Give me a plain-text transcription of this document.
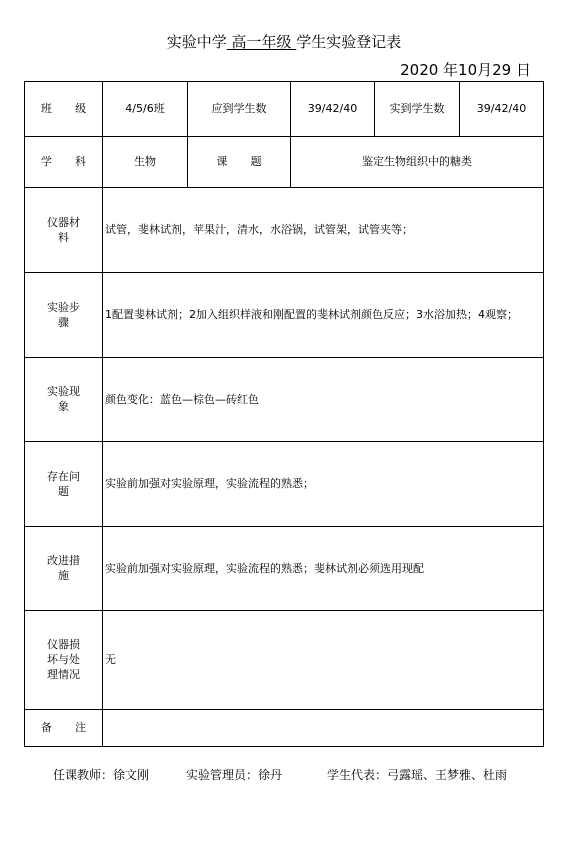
实验中学 高一年级 学生实验登记表
2020 年10月29 日
班 级	4/5/6班	应到学生数	39/42/40	实到学生数	39/42/40
学 科	生物	课 题	鉴定生物组织中的糖类		
仪器材料	试管，斐林试剂，苹果汁，清水，水浴锅，试管架，试管夹等；				
实验步骤	1配置斐林试剂；2加入组织样液和刚配置的斐林试剂颜色反应；3水浴加热；4观察；				
实验现象	颜色变化：蓝色—棕色—砖红色				
存在问题	实验前加强对实验原理，实验流程的熟悉；				
改进措施	实验前加强对实验原理，实验流程的熟悉；斐林试剂必须选用现配				
仪器损坏与处理情况	无				
备 注					
任课教师：徐文刚	实验管理员：徐丹	学生代表：弓露瑶、王梦雅、杜雨
